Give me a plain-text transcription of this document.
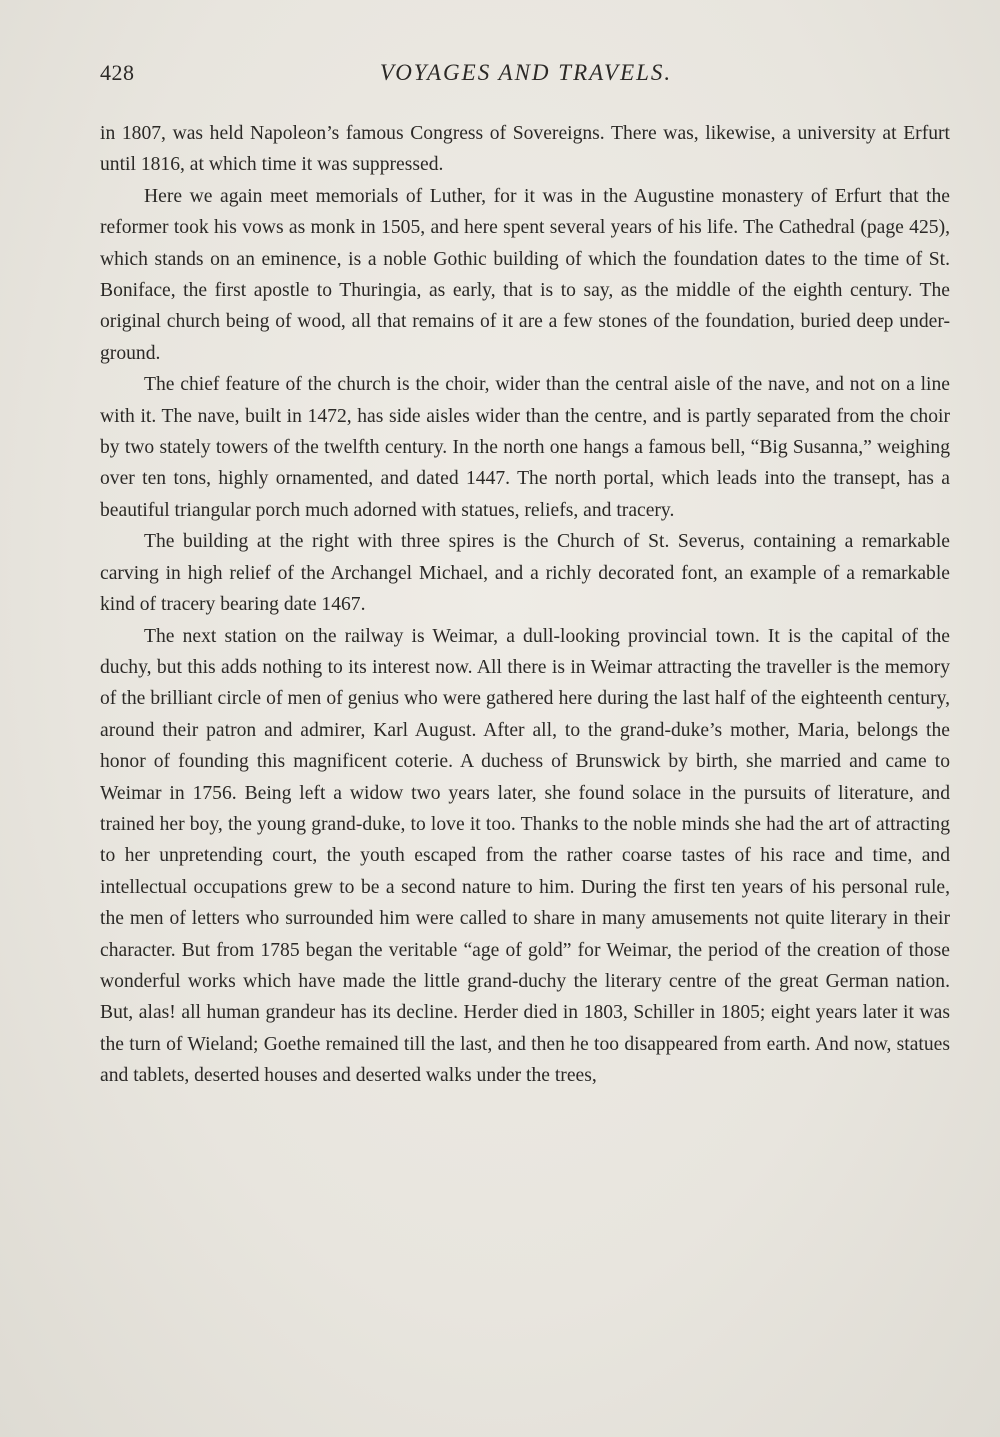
428	VOYAGES AND TRAVELS.

in 1807, was held Napoleon’s famous Congress of Sovereigns. There was, likewise, a university at Erfurt until 1816, at which time it was suppressed.

Here we again meet memorials of Luther, for it was in the Augustine monastery of Erfurt that the reformer took his vows as monk in 1505, and here spent several years of his life. The Cathedral (page 425), which stands on an eminence, is a noble Gothic building of which the foundation dates to the time of St. Boniface, the first apostle to Thuringia, as early, that is to say, as the middle of the eighth century. The original church being of wood, all that remains of it are a few stones of the foundation, buried deep under-ground.

The chief feature of the church is the choir, wider than the central aisle of the nave, and not on a line with it. The nave, built in 1472, has side aisles wider than the centre, and is partly separated from the choir by two stately towers of the twelfth century. In the north one hangs a famous bell, “Big Susanna,” weighing over ten tons, highly ornamented, and dated 1447. The north portal, which leads into the transept, has a beautiful triangular porch much adorned with statues, reliefs, and tracery.

The building at the right with three spires is the Church of St. Severus, containing a remarkable carving in high relief of the Archangel Michael, and a richly decorated font, an example of a remarkable kind of tracery bearing date 1467.

The next station on the railway is Weimar, a dull-looking provincial town. It is the capital of the duchy, but this adds nothing to its interest now. All there is in Weimar attracting the traveller is the memory of the brilliant circle of men of genius who were gathered here during the last half of the eighteenth century, around their patron and admirer, Karl August. After all, to the grand-duke’s mother, Maria, belongs the honor of founding this magnificent coterie. A duchess of Brunswick by birth, she married and came to Weimar in 1756. Being left a widow two years later, she found solace in the pursuits of literature, and trained her boy, the young grand-duke, to love it too. Thanks to the noble minds she had the art of attracting to her unpretending court, the youth escaped from the rather coarse tastes of his race and time, and intellectual occupations grew to be a second nature to him. During the first ten years of his personal rule, the men of letters who surrounded him were called to share in many amusements not quite literary in their character. But from 1785 began the veritable “age of gold” for Weimar, the period of the creation of those wonderful works which have made the little grand-duchy the literary centre of the great German nation. But, alas! all human grandeur has its decline. Herder died in 1803, Schiller in 1805; eight years later it was the turn of Wieland; Goethe remained till the last, and then he too disappeared from earth. And now, statues and tablets, deserted houses and deserted walks under the trees,
